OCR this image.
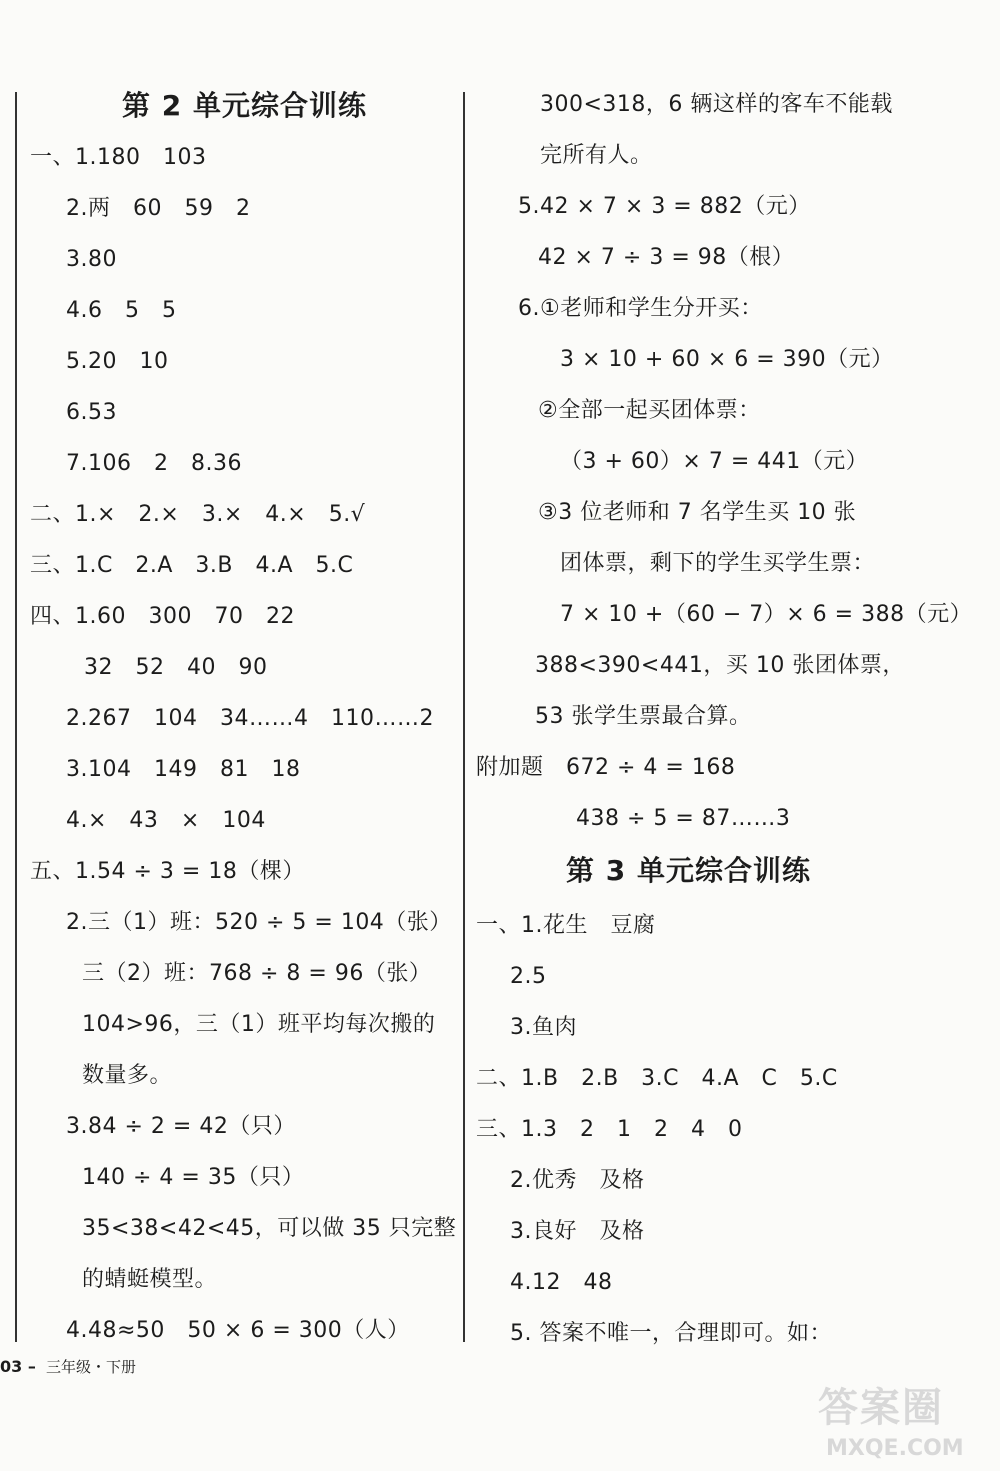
第 2 单元综合训练
一、1.180　103
2.两　60　59　2
3.80
4.6　5　5
5.20　10
6.53
7.106　2　8.36
二、1.×　2.×　3.×　4.×　5.√
三、1.C　2.A　3.B　4.A　5.C
四、1.60　300　70　22
32　52　40　90
2.267　104　34……4　110……2
3.104　149　81　18
4.×　43　×　104
五、1.54 ÷ 3 = 18（棵）
2.三（1）班：520 ÷ 5 = 104（张）
三（2）班：768 ÷ 8 = 96（张）
104>96，三（1）班平均每次搬的
数量多。
3.84 ÷ 2 = 42（只）
140 ÷ 4 = 35（只）
35<38<42<45，可以做 35 只完整
的蜻蜓模型。
4.48≈50　50 × 6 = 300（人）
300<318，6 辆这样的客车不能载
完所有人。
5.42 × 7 × 3 = 882（元）
42 × 7 ÷ 3 = 98（根）
6.①老师和学生分开买：
3 × 10 + 60 × 6 = 390（元）
②全部一起买团体票：
（3 + 60）× 7 = 441（元）
③3 位老师和 7 名学生买 10 张
团体票，剩下的学生买学生票：
7 × 10 +（60 − 7）× 6 = 388（元）
388<390<441，买 10 张团体票，
53 张学生票最合算。
附加题　672 ÷ 4 = 168
438 ÷ 5 = 87……3
第 3 单元综合训练
一、1.花生　豆腐
2.5
3.鱼肉
二、1.B　2.B　3.C　4.A　C　5.C
三、1.3　2　1　2　4　0
2.优秀　及格
3.良好　及格
4.12　48
5. 答案不唯一，合理即可。如：
03 – 三年级・下册
答案圈
MXQE.COM
